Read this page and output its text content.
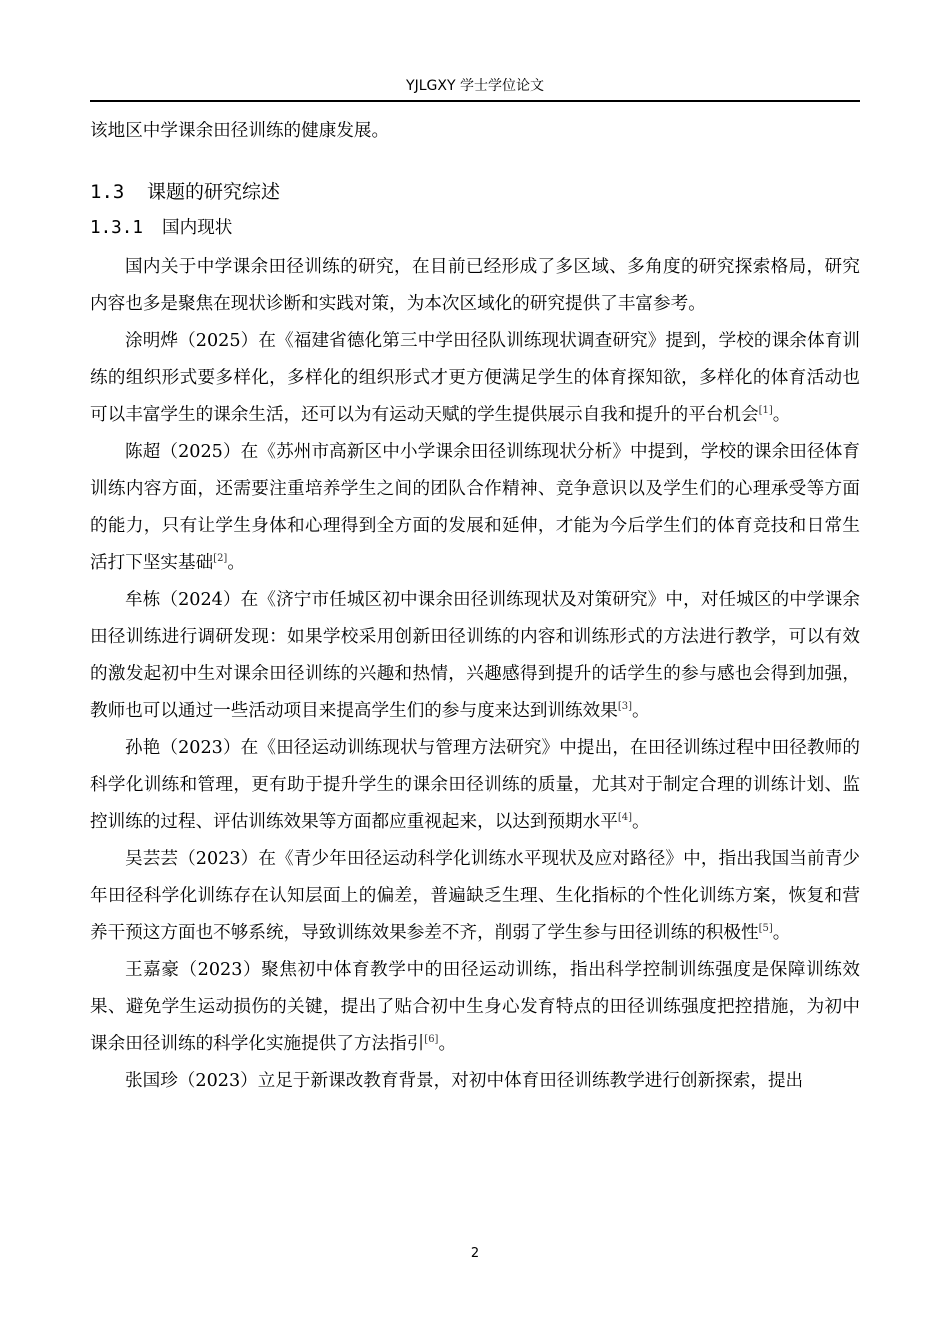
YJLGXY 学士学位论文

该地区中学课余田径训练的健康发展。

1.3 课题的研究综述
1.3.1 国内现状

国内关于中学课余田径训练的研究，在目前已经形成了多区域、多角度的研究探索格局，研究内容也多是聚焦在现状诊断和实践对策，为本次区域化的研究提供了丰富参考。

涂明烨（2025）在《福建省德化第三中学田径队训练现状调查研究》提到，学校的课余体育训练的组织形式要多样化，多样化的组织形式才更方便满足学生的体育探知欲，多样化的体育活动也可以丰富学生的课余生活，还可以为有运动天赋的学生提供展示自我和提升的平台机会[1]。

陈超（2025）在《苏州市高新区中小学课余田径训练现状分析》中提到，学校的课余田径体育训练内容方面，还需要注重培养学生之间的团队合作精神、竞争意识以及学生们的心理承受等方面的能力，只有让学生身体和心理得到全方面的发展和延伸，才能为今后学生们的体育竞技和日常生活打下坚实基础[2]。

牟栋（2024）在《济宁市任城区初中课余田径训练现状及对策研究》中，对任城区的中学课余田径训练进行调研发现：如果学校采用创新田径训练的内容和训练形式的方法进行教学，可以有效的激发起初中生对课余田径训练的兴趣和热情，兴趣感得到提升的话学生的参与感也会得到加强，教师也可以通过一些活动项目来提高学生们的参与度来达到训练效果[3]。

孙艳（2023）在《田径运动训练现状与管理方法研究》中提出，在田径训练过程中田径教师的科学化训练和管理，更有助于提升学生的课余田径训练的质量，尤其对于制定合理的训练计划、监控训练的过程、评估训练效果等方面都应重视起来，以达到预期水平[4]。

吴芸芸（2023）在《青少年田径运动科学化训练水平现状及应对路径》中，指出我国当前青少年田径科学化训练存在认知层面上的偏差，普遍缺乏生理、生化指标的个性化训练方案，恢复和营养干预这方面也不够系统，导致训练效果参差不齐，削弱了学生参与田径训练的积极性[5]。

王嘉豪（2023）聚焦初中体育教学中的田径运动训练，指出科学控制训练强度是保障训练效果、避免学生运动损伤的关键，提出了贴合初中生身心发育特点的田径训练强度把控措施，为初中课余田径训练的科学化实施提供了方法指引[6]。

张国珍（2023）立足于新课改教育背景，对初中体育田径训练教学进行创新探索，提出

2
